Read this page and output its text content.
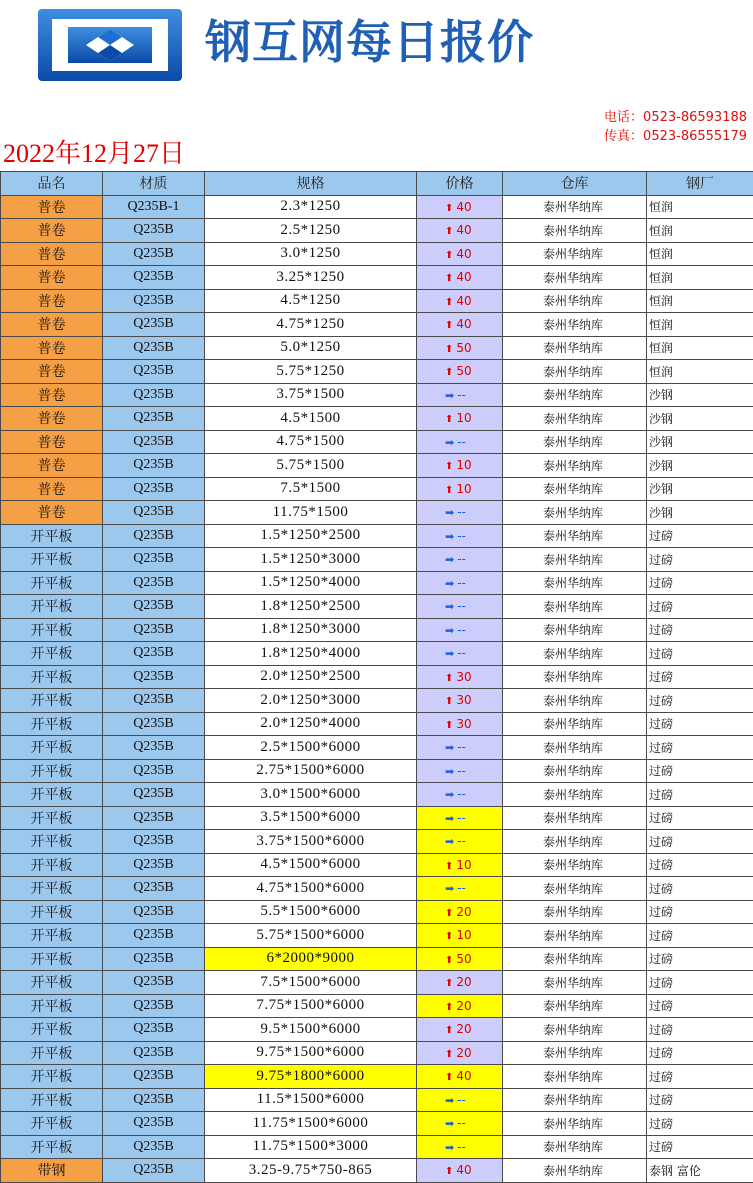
钢互网每日报价
电话：0523-86593188
传真：0523-86555179
2022年12月27日
品名	材质	规格	价格	仓库	钢厂
普卷	Q235B-1	2.3*1250	⬆ 40	泰州华纳库	恒润
普卷	Q235B	2.5*1250	⬆ 40	泰州华纳库	恒润
普卷	Q235B	3.0*1250	⬆ 40	泰州华纳库	恒润
普卷	Q235B	3.25*1250	⬆ 40	泰州华纳库	恒润
普卷	Q235B	4.5*1250	⬆ 40	泰州华纳库	恒润
普卷	Q235B	4.75*1250	⬆ 40	泰州华纳库	恒润
普卷	Q235B	5.0*1250	⬆ 50	泰州华纳库	恒润
普卷	Q235B	5.75*1250	⬆ 50	泰州华纳库	恒润
普卷	Q235B	3.75*1500	➡ --	泰州华纳库	沙钢
普卷	Q235B	4.5*1500	⬆ 10	泰州华纳库	沙钢
普卷	Q235B	4.75*1500	➡ --	泰州华纳库	沙钢
普卷	Q235B	5.75*1500	⬆ 10	泰州华纳库	沙钢
普卷	Q235B	7.5*1500	⬆ 10	泰州华纳库	沙钢
普卷	Q235B	11.75*1500	➡ --	泰州华纳库	沙钢
开平板	Q235B	1.5*1250*2500	➡ --	泰州华纳库	过磅
开平板	Q235B	1.5*1250*3000	➡ --	泰州华纳库	过磅
开平板	Q235B	1.5*1250*4000	➡ --	泰州华纳库	过磅
开平板	Q235B	1.8*1250*2500	➡ --	泰州华纳库	过磅
开平板	Q235B	1.8*1250*3000	➡ --	泰州华纳库	过磅
开平板	Q235B	1.8*1250*4000	➡ --	泰州华纳库	过磅
开平板	Q235B	2.0*1250*2500	⬆ 30	泰州华纳库	过磅
开平板	Q235B	2.0*1250*3000	⬆ 30	泰州华纳库	过磅
开平板	Q235B	2.0*1250*4000	⬆ 30	泰州华纳库	过磅
开平板	Q235B	2.5*1500*6000	➡ --	泰州华纳库	过磅
开平板	Q235B	2.75*1500*6000	➡ --	泰州华纳库	过磅
开平板	Q235B	3.0*1500*6000	➡ --	泰州华纳库	过磅
开平板	Q235B	3.5*1500*6000	➡ --	泰州华纳库	过磅
开平板	Q235B	3.75*1500*6000	➡ --	泰州华纳库	过磅
开平板	Q235B	4.5*1500*6000	⬆ 10	泰州华纳库	过磅
开平板	Q235B	4.75*1500*6000	➡ --	泰州华纳库	过磅
开平板	Q235B	5.5*1500*6000	⬆ 20	泰州华纳库	过磅
开平板	Q235B	5.75*1500*6000	⬆ 10	泰州华纳库	过磅
开平板	Q235B	6*2000*9000	⬆ 50	泰州华纳库	过磅
开平板	Q235B	7.5*1500*6000	⬆ 20	泰州华纳库	过磅
开平板	Q235B	7.75*1500*6000	⬆ 20	泰州华纳库	过磅
开平板	Q235B	9.5*1500*6000	⬆ 20	泰州华纳库	过磅
开平板	Q235B	9.75*1500*6000	⬆ 20	泰州华纳库	过磅
开平板	Q235B	9.75*1800*6000	⬆ 40	泰州华纳库	过磅
开平板	Q235B	11.5*1500*6000	➡ --	泰州华纳库	过磅
开平板	Q235B	11.75*1500*6000	➡ --	泰州华纳库	过磅
开平板	Q235B	11.75*1500*3000	➡ --	泰州华纳库	过磅
带钢	Q235B	3.25-9.75*750-865	⬆ 40	泰州华纳库	泰钢 富伦
